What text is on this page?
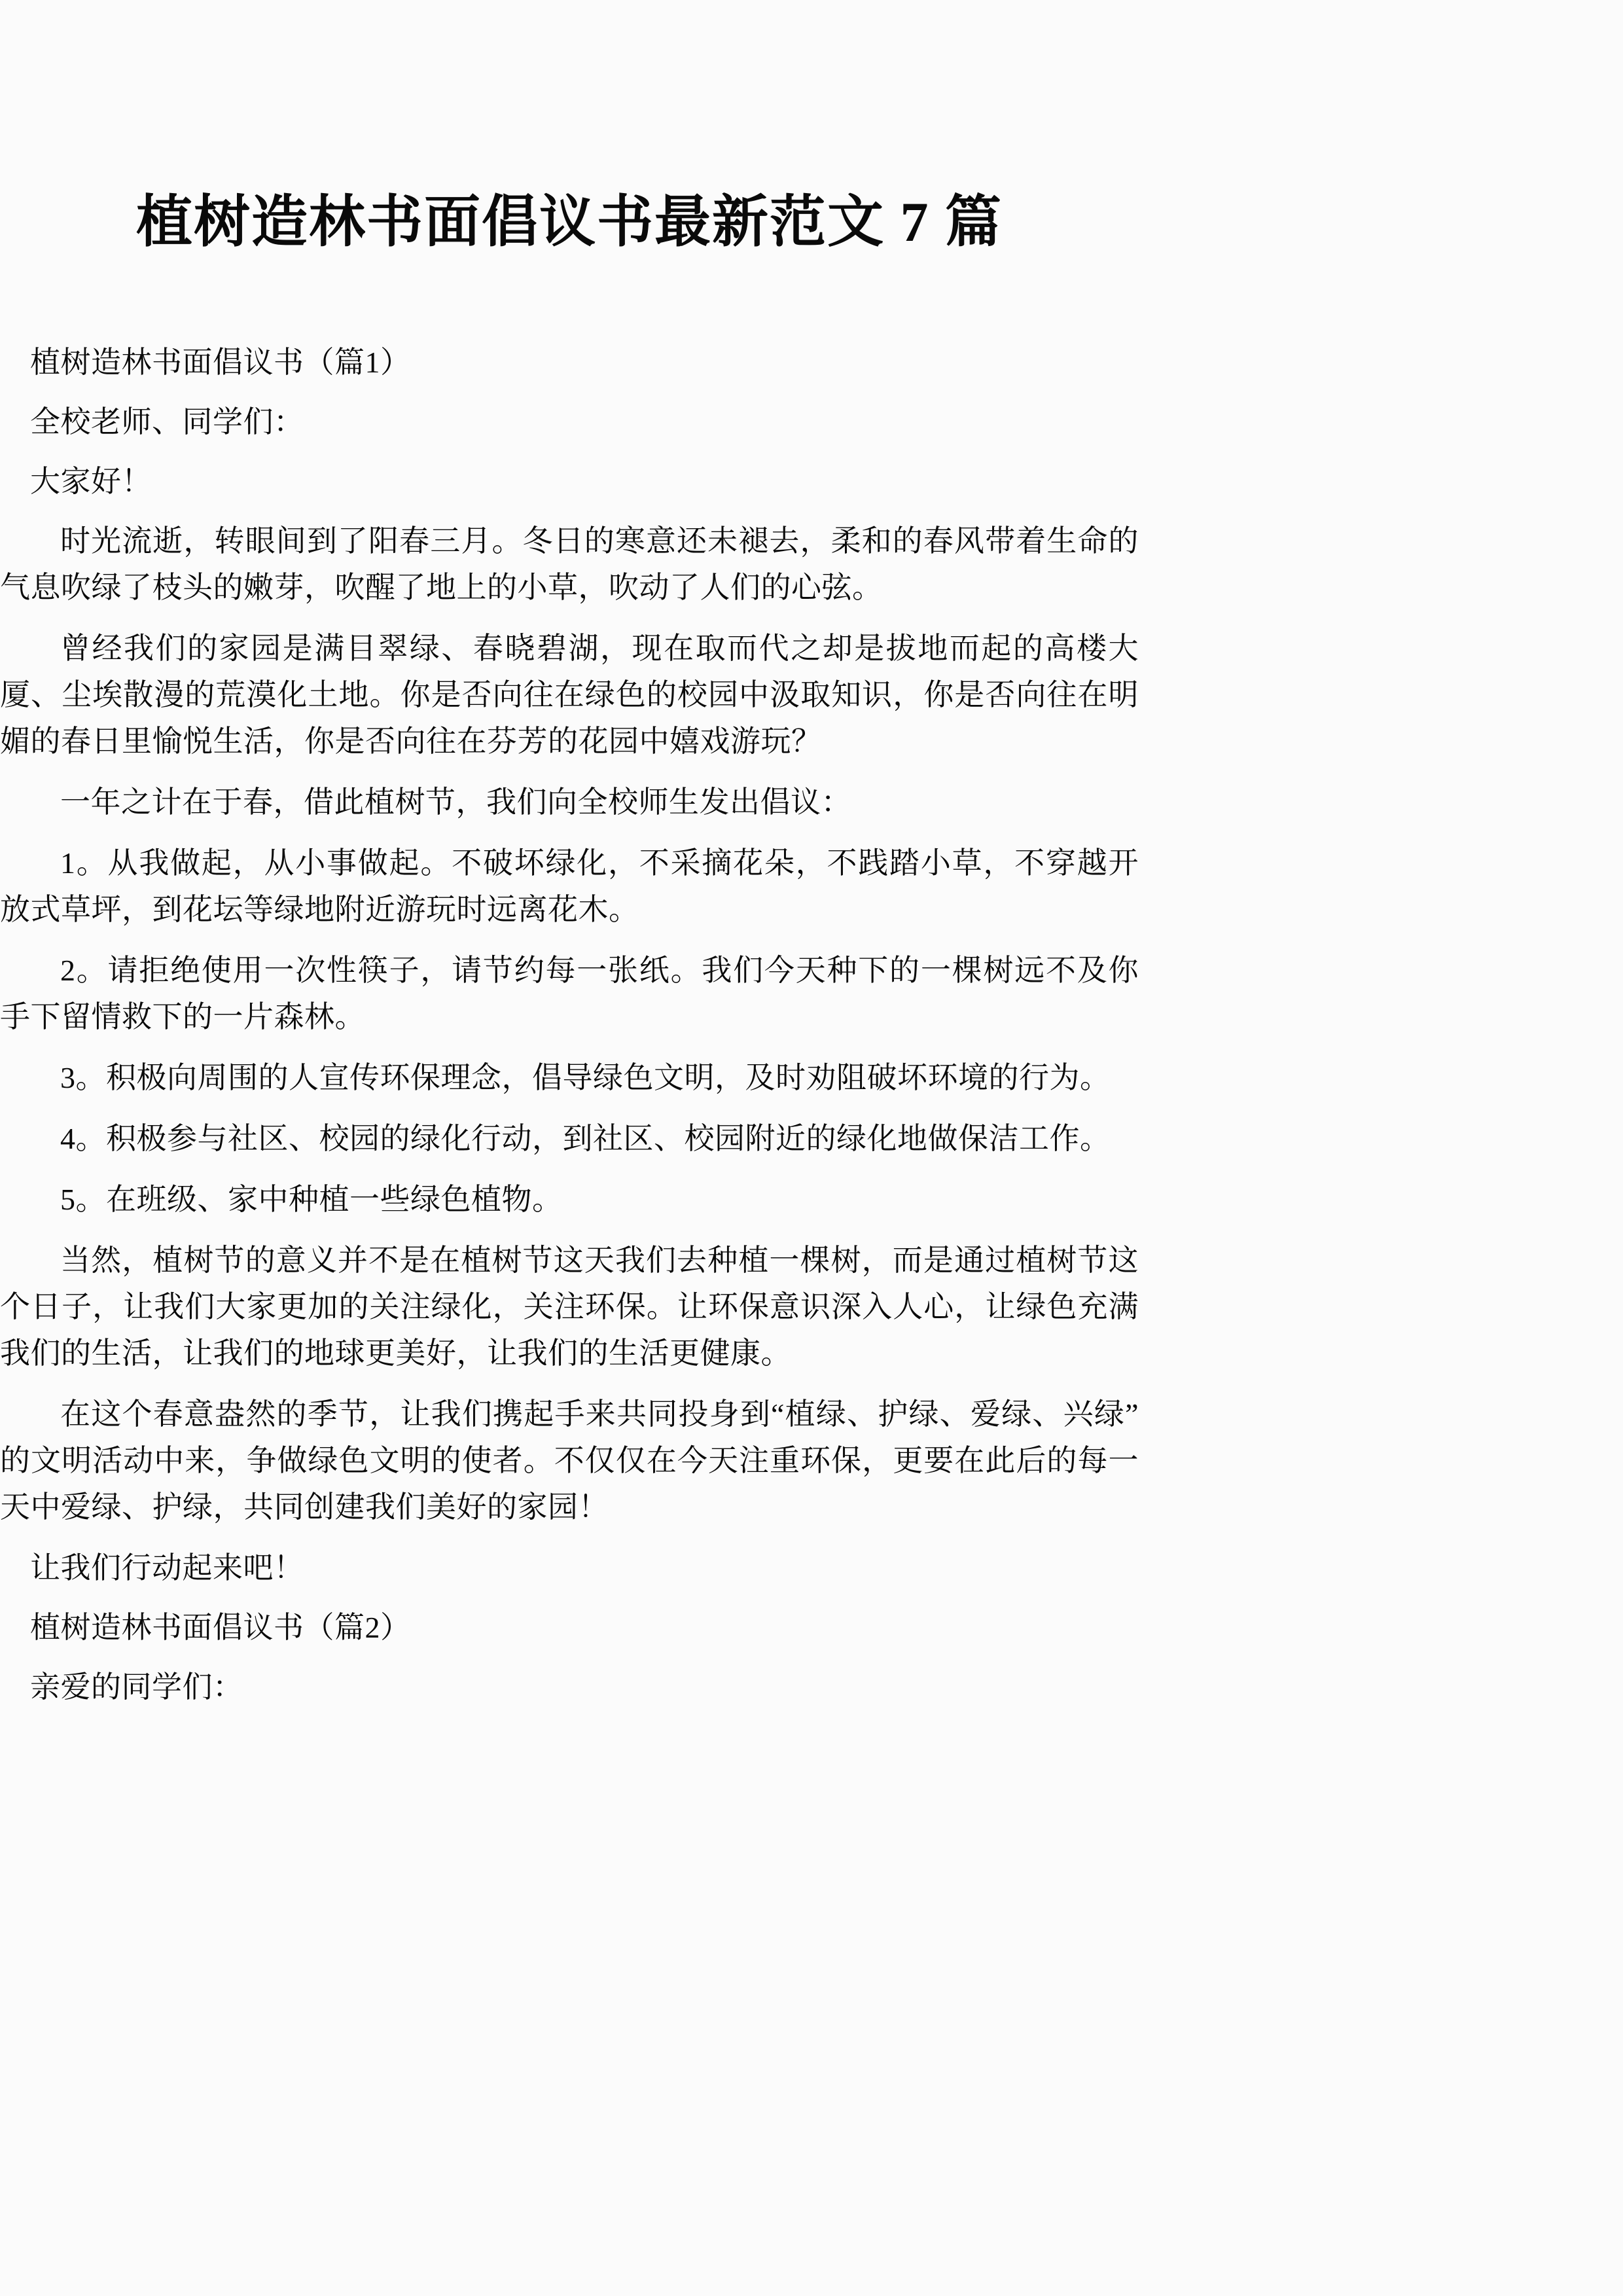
植树造林书面倡议书最新范文 7 篇

植树造林书面倡议书（篇1）

全校老师、同学们：

大家好！

时光流逝，转眼间到了阳春三月。冬日的寒意还未褪去，柔和的春风带着生命的气息吹绿了枝头的嫩芽，吹醒了地上的小草，吹动了人们的心弦。

曾经我们的家园是满目翠绿、春晓碧湖，现在取而代之却是拔地而起的高楼大厦、尘埃散漫的荒漠化土地。你是否向往在绿色的校园中汲取知识，你是否向往在明媚的春日里愉悦生活，你是否向往在芬芳的花园中嬉戏游玩？

一年之计在于春，借此植树节，我们向全校师生发出倡议：

1。从我做起，从小事做起。不破坏绿化，不采摘花朵，不践踏小草，不穿越开放式草坪，到花坛等绿地附近游玩时远离花木。

2。请拒绝使用一次性筷子，请节约每一张纸。我们今天种下的一棵树远不及你手下留情救下的一片森林。

3。积极向周围的人宣传环保理念，倡导绿色文明，及时劝阻破坏环境的行为。

4。积极参与社区、校园的绿化行动，到社区、校园附近的绿化地做保洁工作。

5。在班级、家中种植一些绿色植物。

当然，植树节的意义并不是在植树节这天我们去种植一棵树，而是通过植树节这个日子，让我们大家更加的关注绿化，关注环保。让环保意识深入人心，让绿色充满我们的生活，让我们的地球更美好，让我们的生活更健康。

在这个春意盎然的季节，让我们携起手来共同投身到“植绿、护绿、爱绿、兴绿”的文明活动中来，争做绿色文明的使者。不仅仅在今天注重环保，更要在此后的每一天中爱绿、护绿，共同创建我们美好的家园！

让我们行动起来吧！

植树造林书面倡议书（篇2）

亲爱的同学们：
